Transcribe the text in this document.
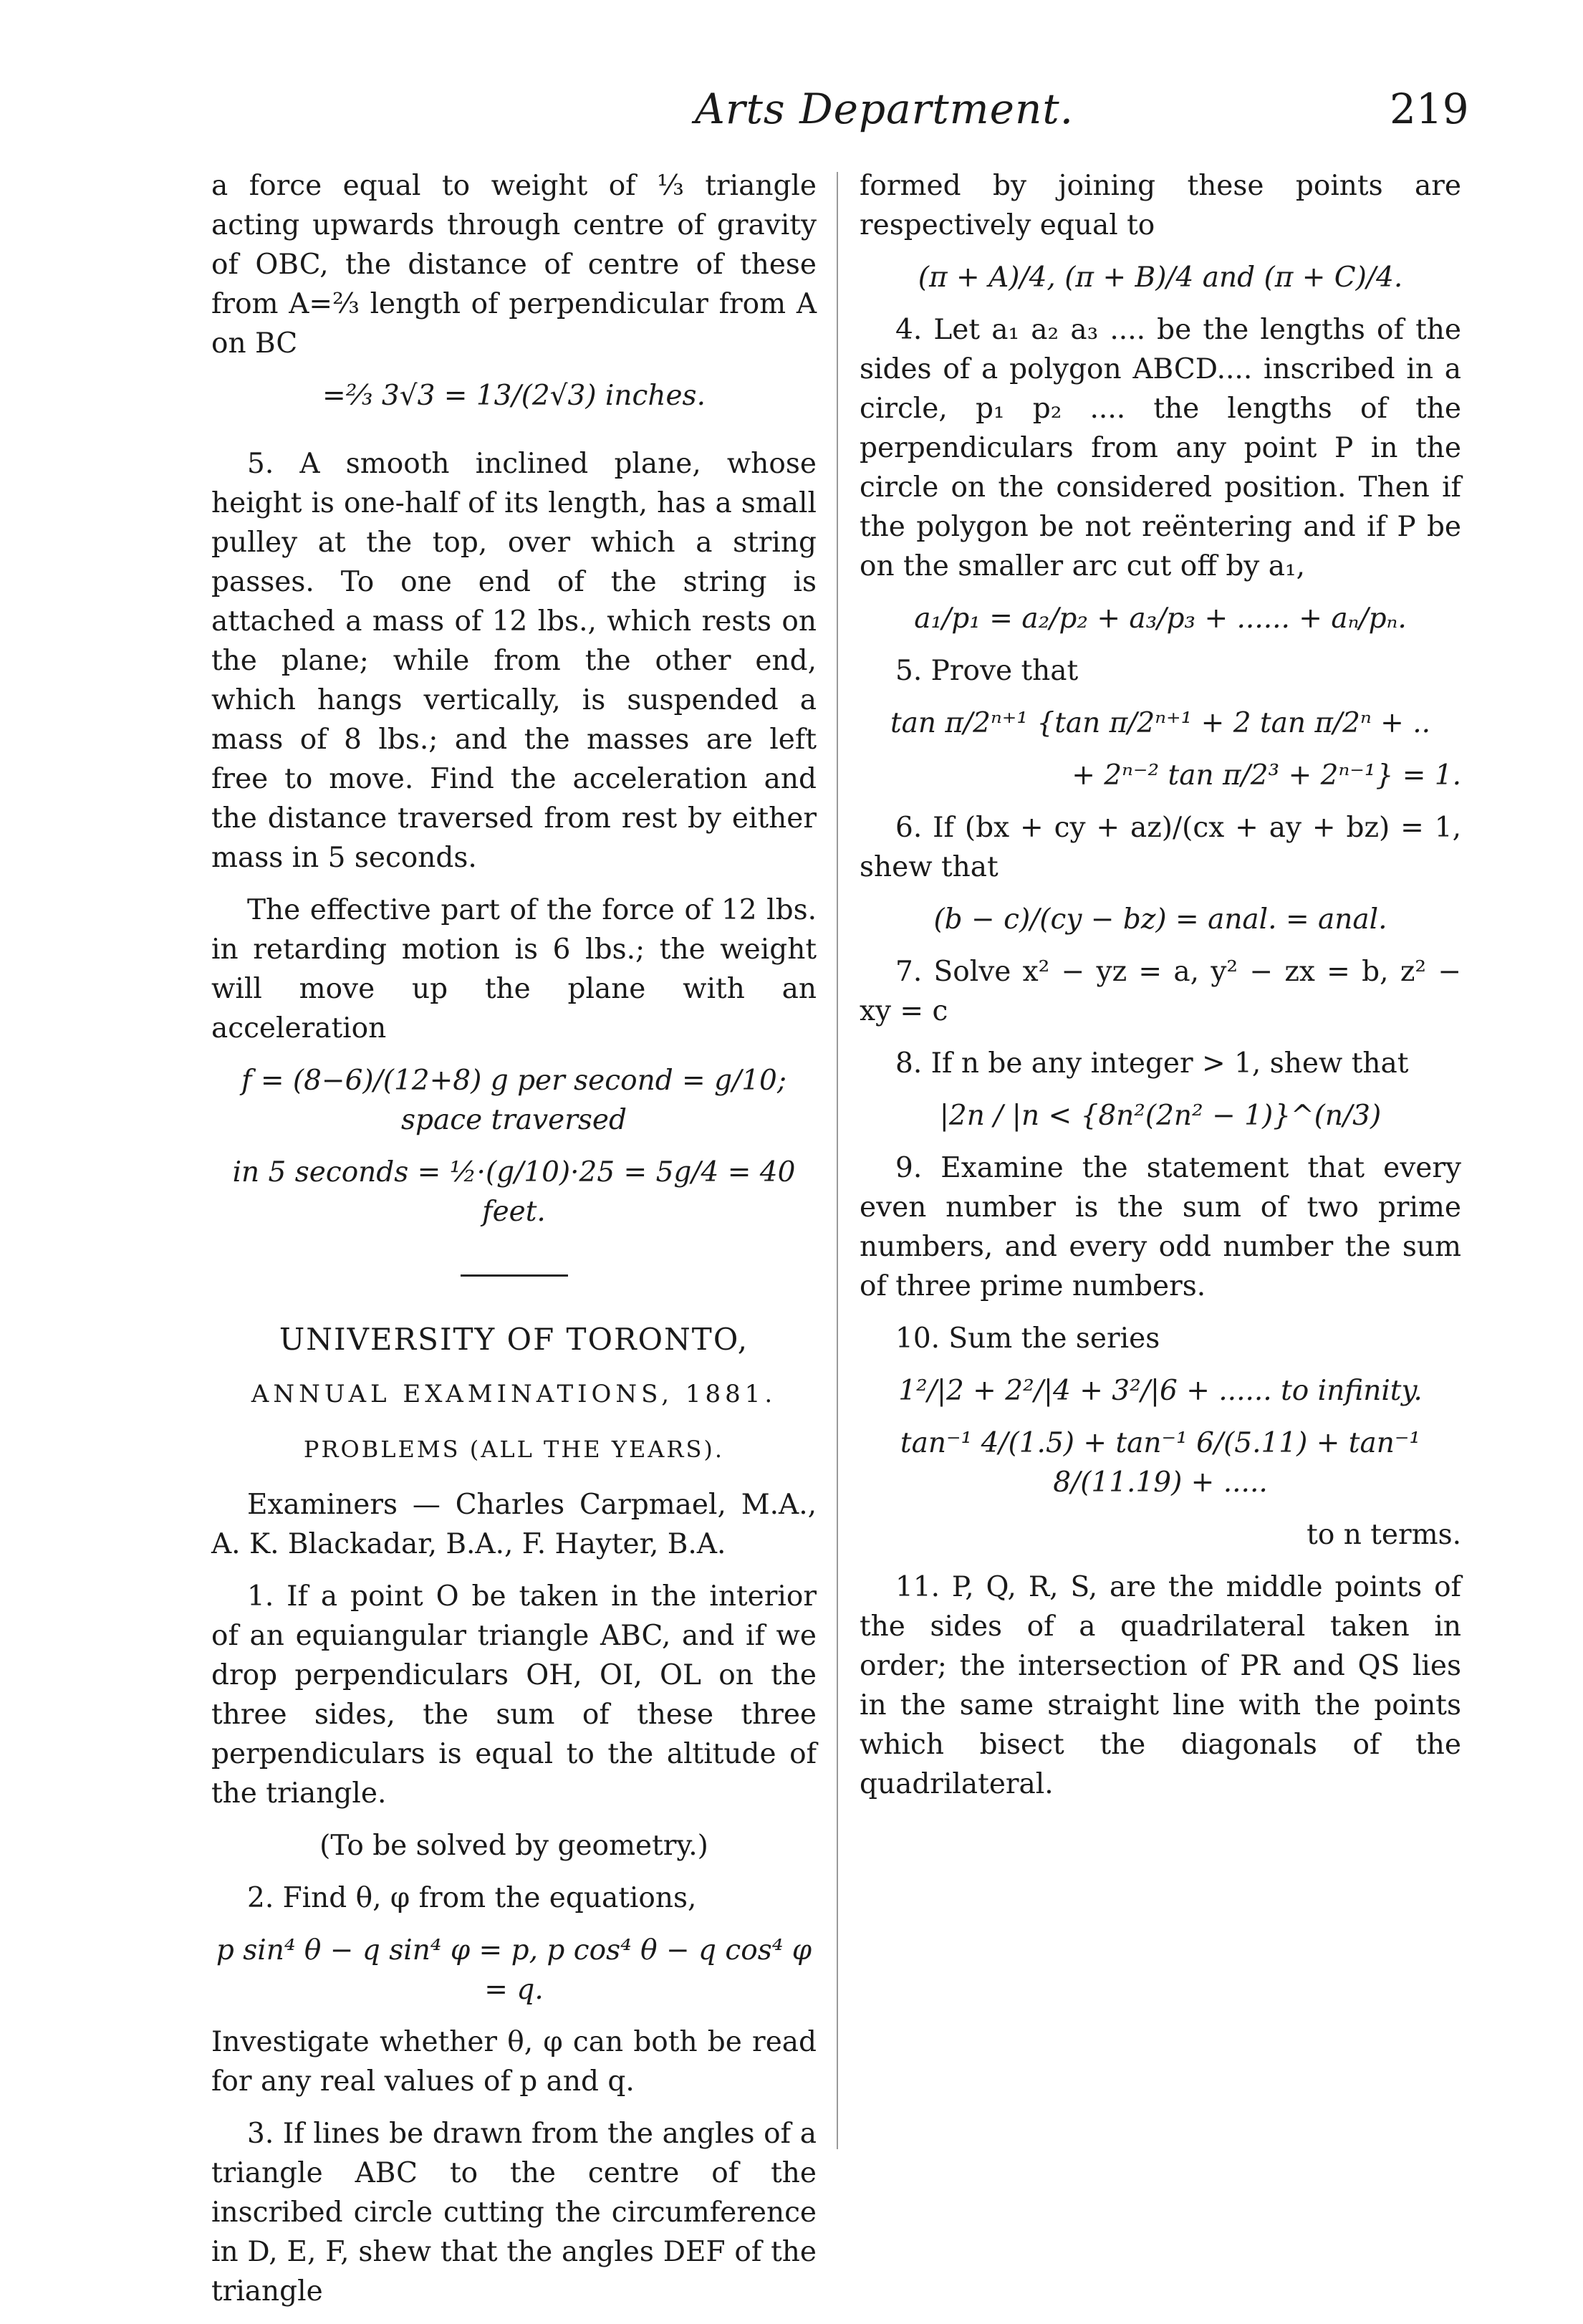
Arts Department.	219

a force equal to weight of ⅓ triangle acting upwards through centre of gravity of OBC, the distance of centre of these from A=⅔ length of perpendicular from A on BC

=⅔ 3√3 = 13/(2√3) inches.

5. A smooth inclined plane, whose height is one-half of its length, has a small pulley at the top, over which a string passes. To one end of the string is attached a mass of 12 lbs., which rests on the plane; while from the other end, which hangs vertically, is suspended a mass of 8 lbs.; and the masses are left free to move. Find the acceleration and the distance traversed from rest by either mass in 5 seconds.

The effective part of the force of 12 lbs. in retarding motion is 6 lbs.; the weight will move up the plane with an acceleration

f = (8−6)/(12+8) g per second = g/10; space traversed

in 5 seconds = ½·(g/10)·25 = 5g/4 = 40 feet.

UNIVERSITY OF TORONTO,

ANNUAL EXAMINATIONS, 1881.

PROBLEMS (ALL THE YEARS).

Examiners — Charles Carpmael, M.A., A. K. Blackadar, B.A., F. Hayter, B.A.

1. If a point O be taken in the interior of an equiangular triangle ABC, and if we drop perpendiculars OH, OI, OL on the three sides, the sum of these three perpendiculars is equal to the altitude of the triangle.

(To be solved by geometry.)

2. Find θ, φ from the equations,

p sin⁴ θ − q sin⁴ φ = p, p cos⁴ θ − q cos⁴ φ = q.

Investigate whether θ, φ can both be read for any real values of p and q.

3. If lines be drawn from the angles of a triangle ABC to the centre of the inscribed circle cutting the circumference in D, E, F, shew that the angles DEF of the triangle

formed by joining these points are respectively equal to

(π + A)/4, (π + B)/4 and (π + C)/4.

4. Let a₁ a₂ a₃ .... be the lengths of the sides of a polygon ABCD.... inscribed in a circle, p₁ p₂ .... the lengths of the perpendiculars from any point P in the circle on the considered position. Then if the polygon be not reëntering and if P be on the smaller arc cut off by a₁,

a₁/p₁ = a₂/p₂ + a₃/p₃ + ...... + aₙ/pₙ.

5. Prove that

tan π/2ⁿ⁺¹ {tan π/2ⁿ⁺¹ + 2 tan π/2ⁿ + ..

+ 2ⁿ⁻² tan π/2³ + 2ⁿ⁻¹} = 1.

6. If (bx + cy + az)/(cx + ay + bz) = 1, shew that

(b − c)/(cy − bz) = anal. = anal.

7. Solve x² − yz = a, y² − zx = b, z² − xy = c

8. If n be any integer > 1, shew that

|2n / |n < {8n²(2n² − 1)}^(n/3)

9. Examine the statement that every even number is the sum of two prime numbers, and every odd number the sum of three prime numbers.

10. Sum the series

1²/|2 + 2²/|4 + 3²/|6 + ...... to infinity.

tan⁻¹ 4/(1.5) + tan⁻¹ 6/(5.11) + tan⁻¹ 8/(11.19) + .....

to n terms.

11. P, Q, R, S, are the middle points of the sides of a quadrilateral taken in order; the intersection of PR and QS lies in the same straight line with the points which bisect the diagonals of the quadrilateral.
